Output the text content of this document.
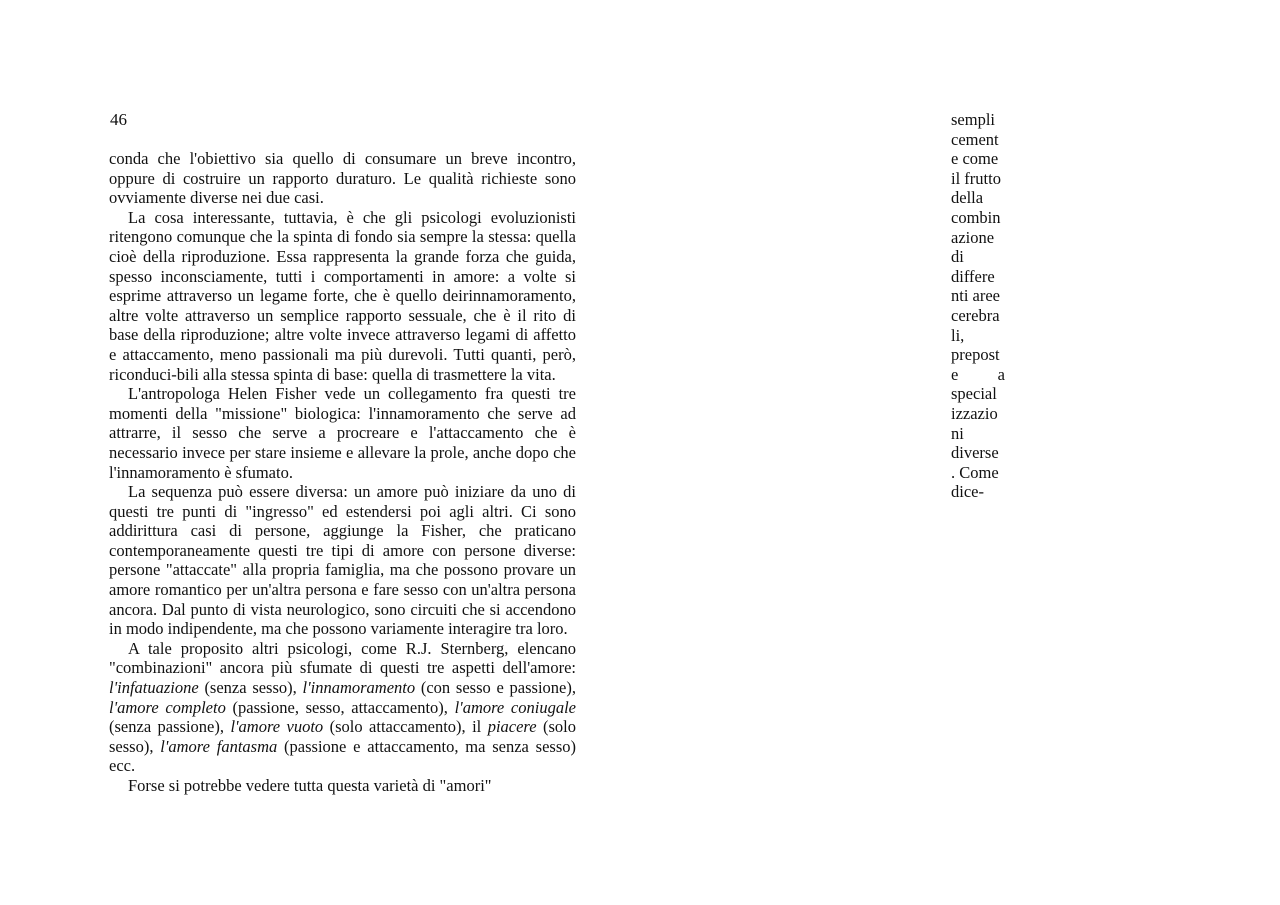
46

conda che l'obiettivo sia quello di consumare un breve incontro, oppure di costruire un rapporto duraturo. Le qualità richieste sono ovviamente diverse nei due casi.

La cosa interessante, tuttavia, è che gli psicologi evoluzionisti ritengono comunque che la spinta di fondo sia sempre la stessa: quella cioè della riproduzione. Essa rappresenta la grande forza che guida, spesso inconsciamente, tutti i comportamenti in amore: a volte si esprime attraverso un legame forte, che è quello deirinnamoramento, altre volte attraverso un semplice rapporto sessuale, che è il rito di base della riproduzione; altre volte invece attraverso legami di affetto e attaccamento, meno passionali ma più durevoli. Tutti quanti, però, riconduci-bili alla stessa spinta di base: quella di trasmettere la vita.

L'antropologa Helen Fisher vede un collegamento fra questi tre momenti della "missione" biologica: l'innamoramento che serve ad attrarre, il sesso che serve a procreare e l'attaccamento che è necessario invece per stare insieme e allevare la prole, anche dopo che l'innamoramento è sfumato.

La sequenza può essere diversa: un amore può iniziare da uno di questi tre punti di "ingresso" ed estendersi poi agli altri. Ci sono addirittura casi di persone, aggiunge la Fisher, che praticano contemporaneamente questi tre tipi di amore con persone diverse: persone "attaccate" alla propria famiglia, ma che possono provare un amore romantico per un'altra persona e fare sesso con un'altra persona ancora. Dal punto di vista neurologico, sono circuiti che si accendono in modo indipendente, ma che possono variamente interagire tra loro.

A tale proposito altri psicologi, come R.J. Sternberg, elencano "combinazioni" ancora più sfumate di questi tre aspetti dell'amore: l'infatuazione (senza sesso), l'innamoramento (con sesso e passione), l'amore completo (passione, sesso, attaccamento), l'amore coniugale (senza passione), l'amore vuoto (solo attaccamento), il piacere (solo sesso), l'amore fantasma (passione e attaccamento, ma senza sesso) ecc.

Forse si potrebbe vedere tutta questa varietà di "amori"

sempli
cement
e come
il frutto
della
combin
azione
di
differe
nti aree
cerebra
li,
prepost
e a
special
izzazio
ni
diverse
. Come
dice-
